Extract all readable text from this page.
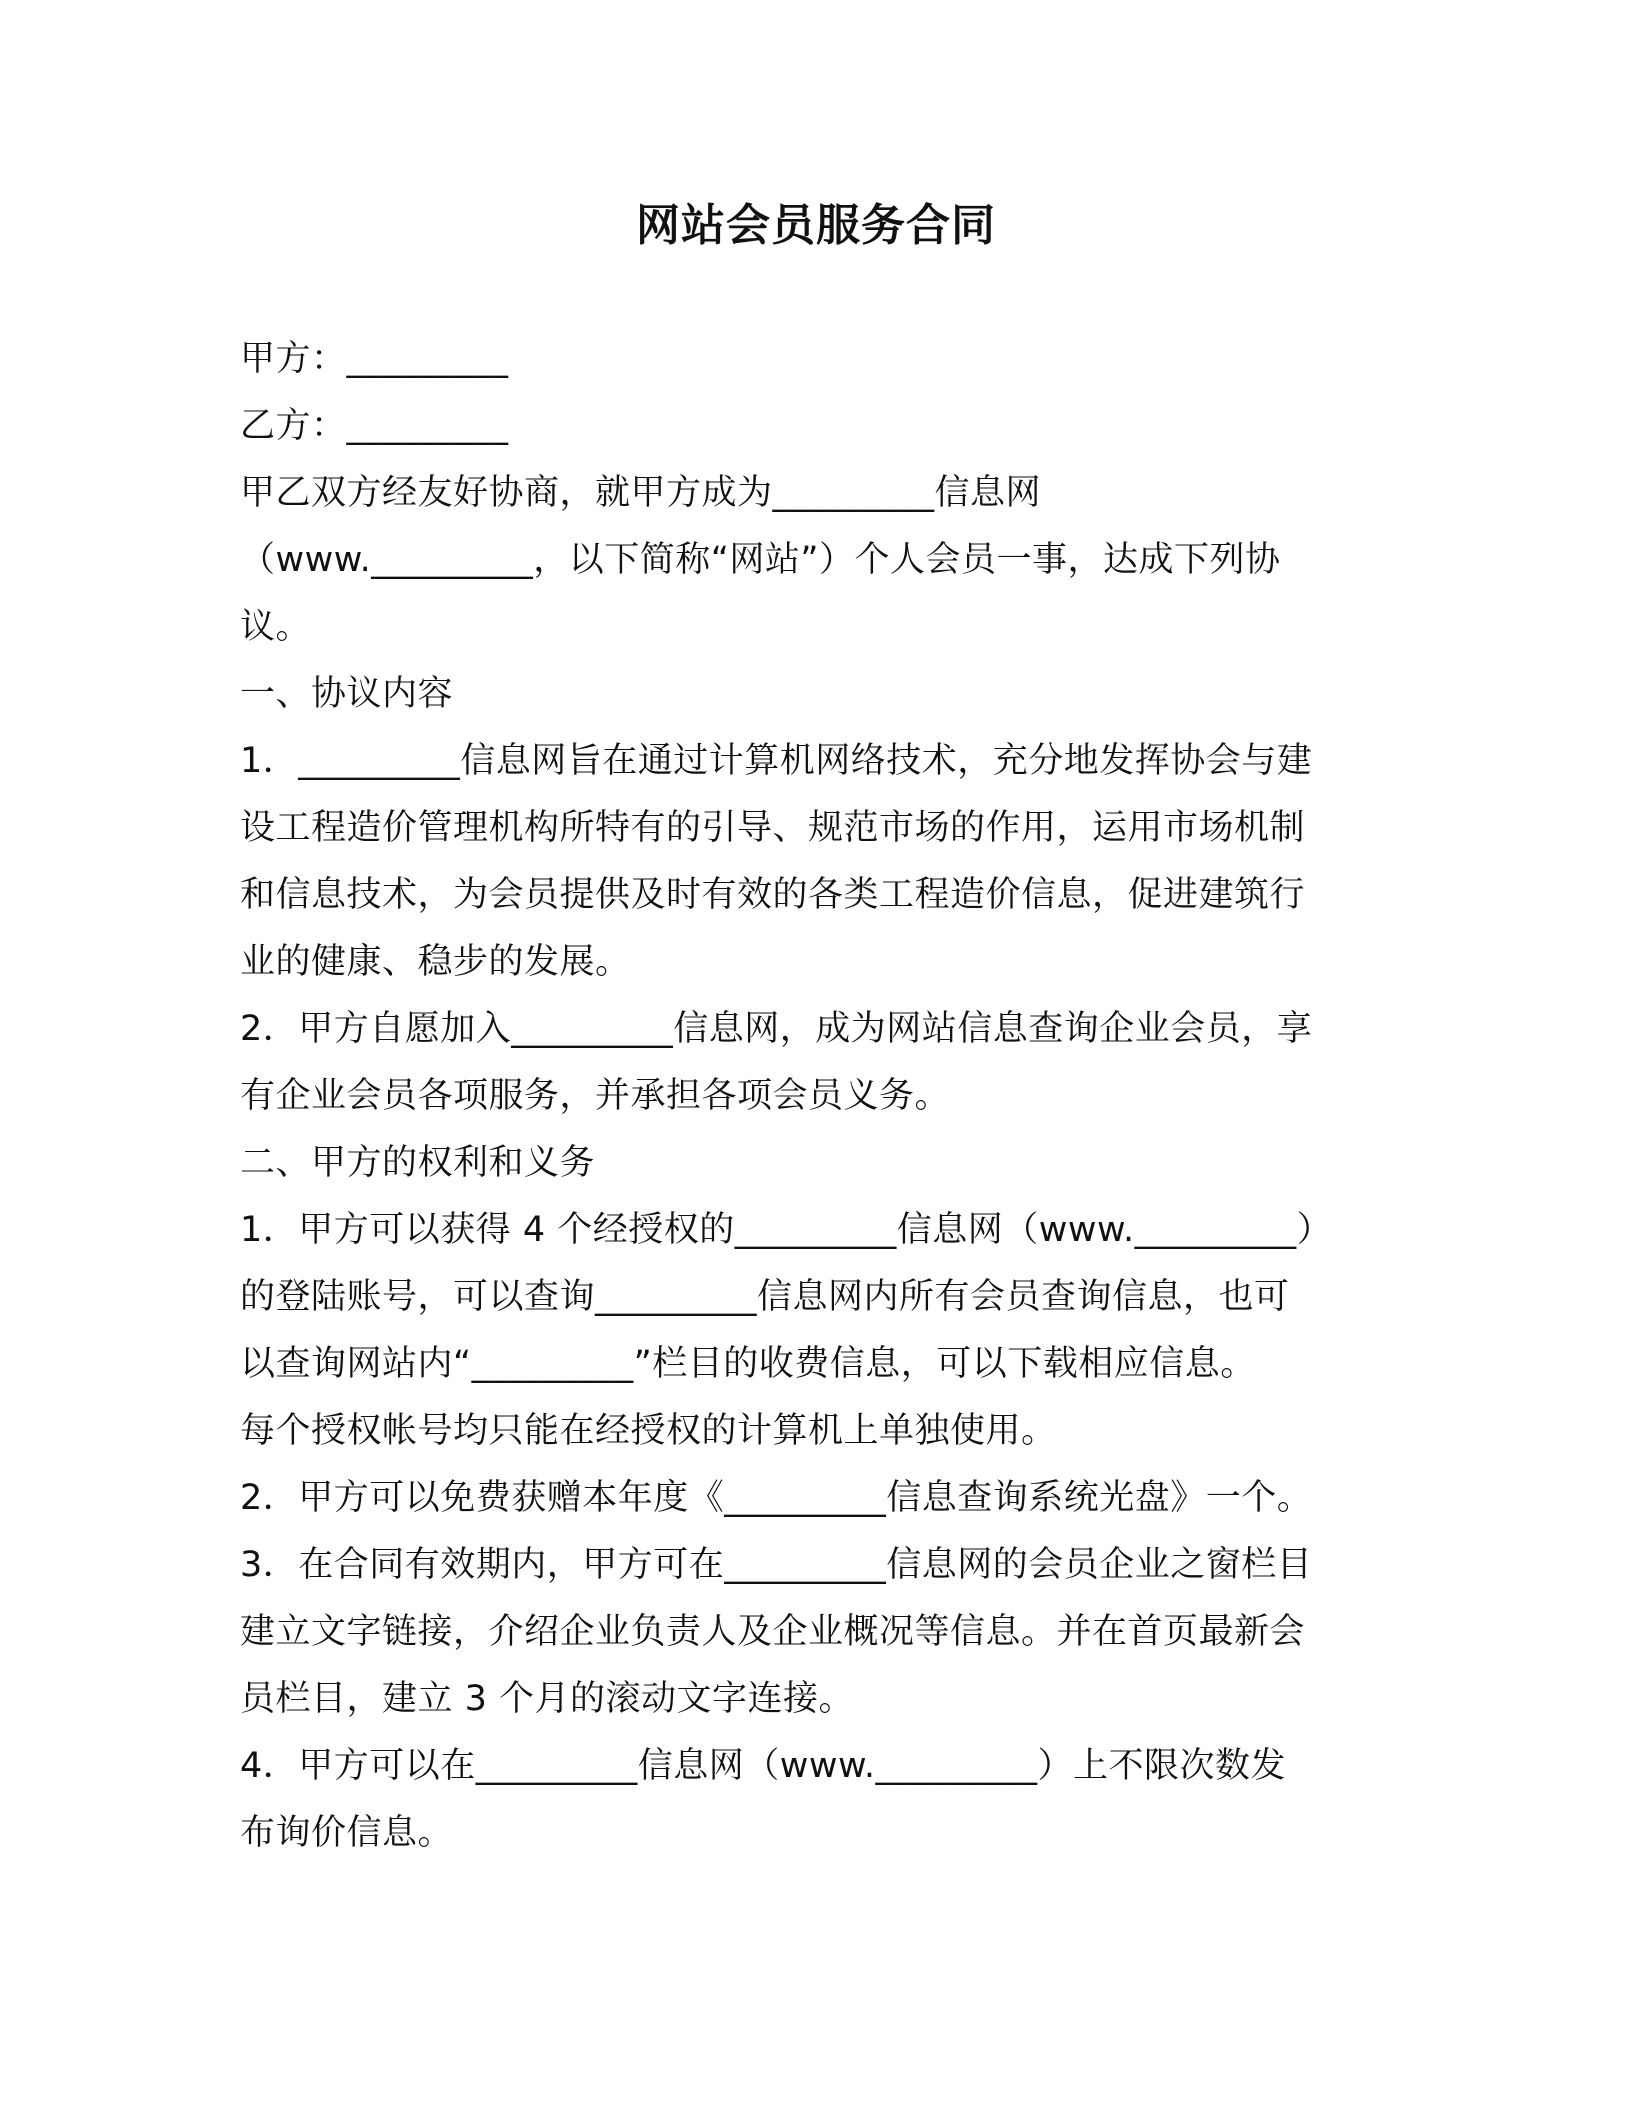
网站会员服务合同
甲方：_________
乙方：_________
甲乙双方经友好协商，就甲方成为_________信息网
（www._________，以下简称“网站”）个人会员一事，达成下列协
议。
一、协议内容
1．_________信息网旨在通过计算机网络技术，充分地发挥协会与建
设工程造价管理机构所特有的引导、规范市场的作用，运用市场机制
和信息技术，为会员提供及时有效的各类工程造价信息，促进建筑行
业的健康、稳步的发展。
2．甲方自愿加入_________信息网，成为网站信息查询企业会员，享
有企业会员各项服务，并承担各项会员义务。
二、甲方的权利和义务
1．甲方可以获得 4 个经授权的_________信息网（www._________）
的登陆账号，可以查询_________信息网内所有会员查询信息，也可
以查询网站内“_________”栏目的收费信息，可以下载相应信息。
每个授权帐号均只能在经授权的计算机上单独使用。
2．甲方可以免费获赠本年度《_________信息查询系统光盘》一个。
3．在合同有效期内，甲方可在_________信息网的会员企业之窗栏目
建立文字链接，介绍企业负责人及企业概况等信息。并在首页最新会
员栏目，建立 3 个月的滚动文字连接。
4．甲方可以在_________信息网（www._________）上不限次数发
布询价信息。
